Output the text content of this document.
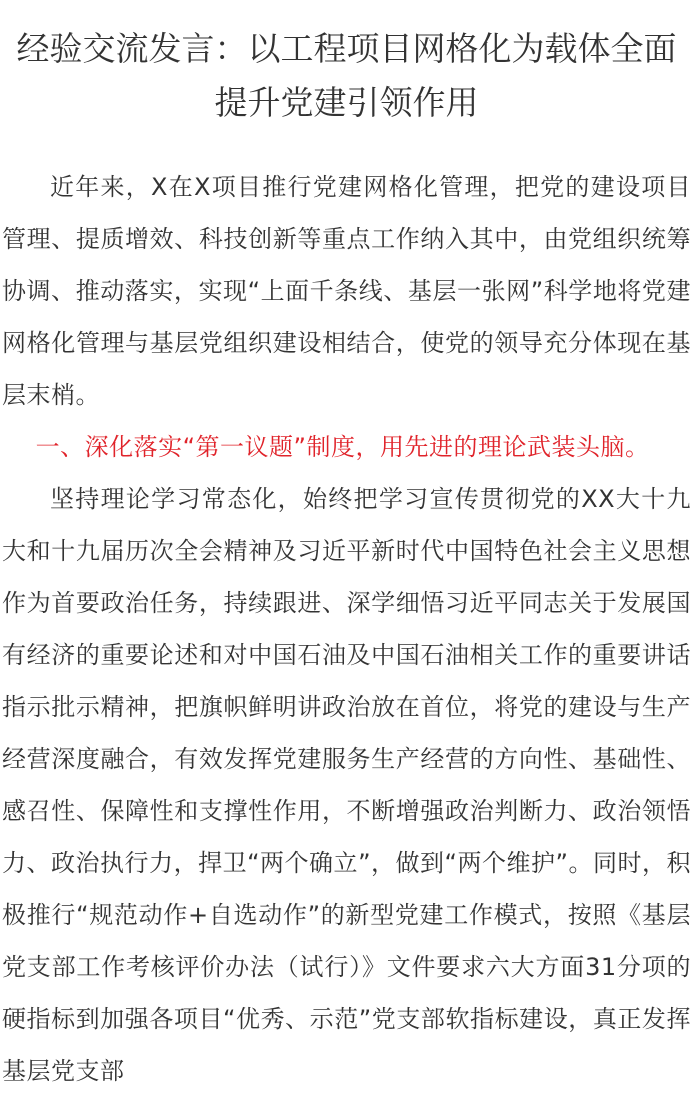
经验交流发言：以工程项目网格化为载体全面提升党建引领作用

近年来，X在X项目推行党建网格化管理，把党的建设项目管理、提质增效、科技创新等重点工作纳入其中，由党组织统筹协调、推动落实，实现“上面千条线、基层一张网”科学地将党建网格化管理与基层党组织建设相结合，使党的领导充分体现在基层末梢。

一、深化落实“第一议题”制度，用先进的理论武装头脑。

坚持理论学习常态化，始终把学习宣传贯彻党的XX大十九大和十九届历次全会精神及习近平新时代中国特色社会主义思想作为首要政治任务，持续跟进、深学细悟习近平同志关于发展国有经济的重要论述和对中国石油及中国石油相关工作的重要讲话指示批示精神，把旗帜鲜明讲政治放在首位，将党的建设与生产经营深度融合，有效发挥党建服务生产经营的方向性、基础性、感召性、保障性和支撑性作用，不断增强政治判断力、政治领悟力、政治执行力，捍卫“两个确立”，做到“两个维护”。同时，积极推行“规范动作+自选动作”的新型党建工作模式，按照《基层党支部工作考核评价办法（试行）》文件要求六大方面31分项的硬指标到加强各项目“优秀、示范”党支部软指标建设，真正发挥基层党支部
